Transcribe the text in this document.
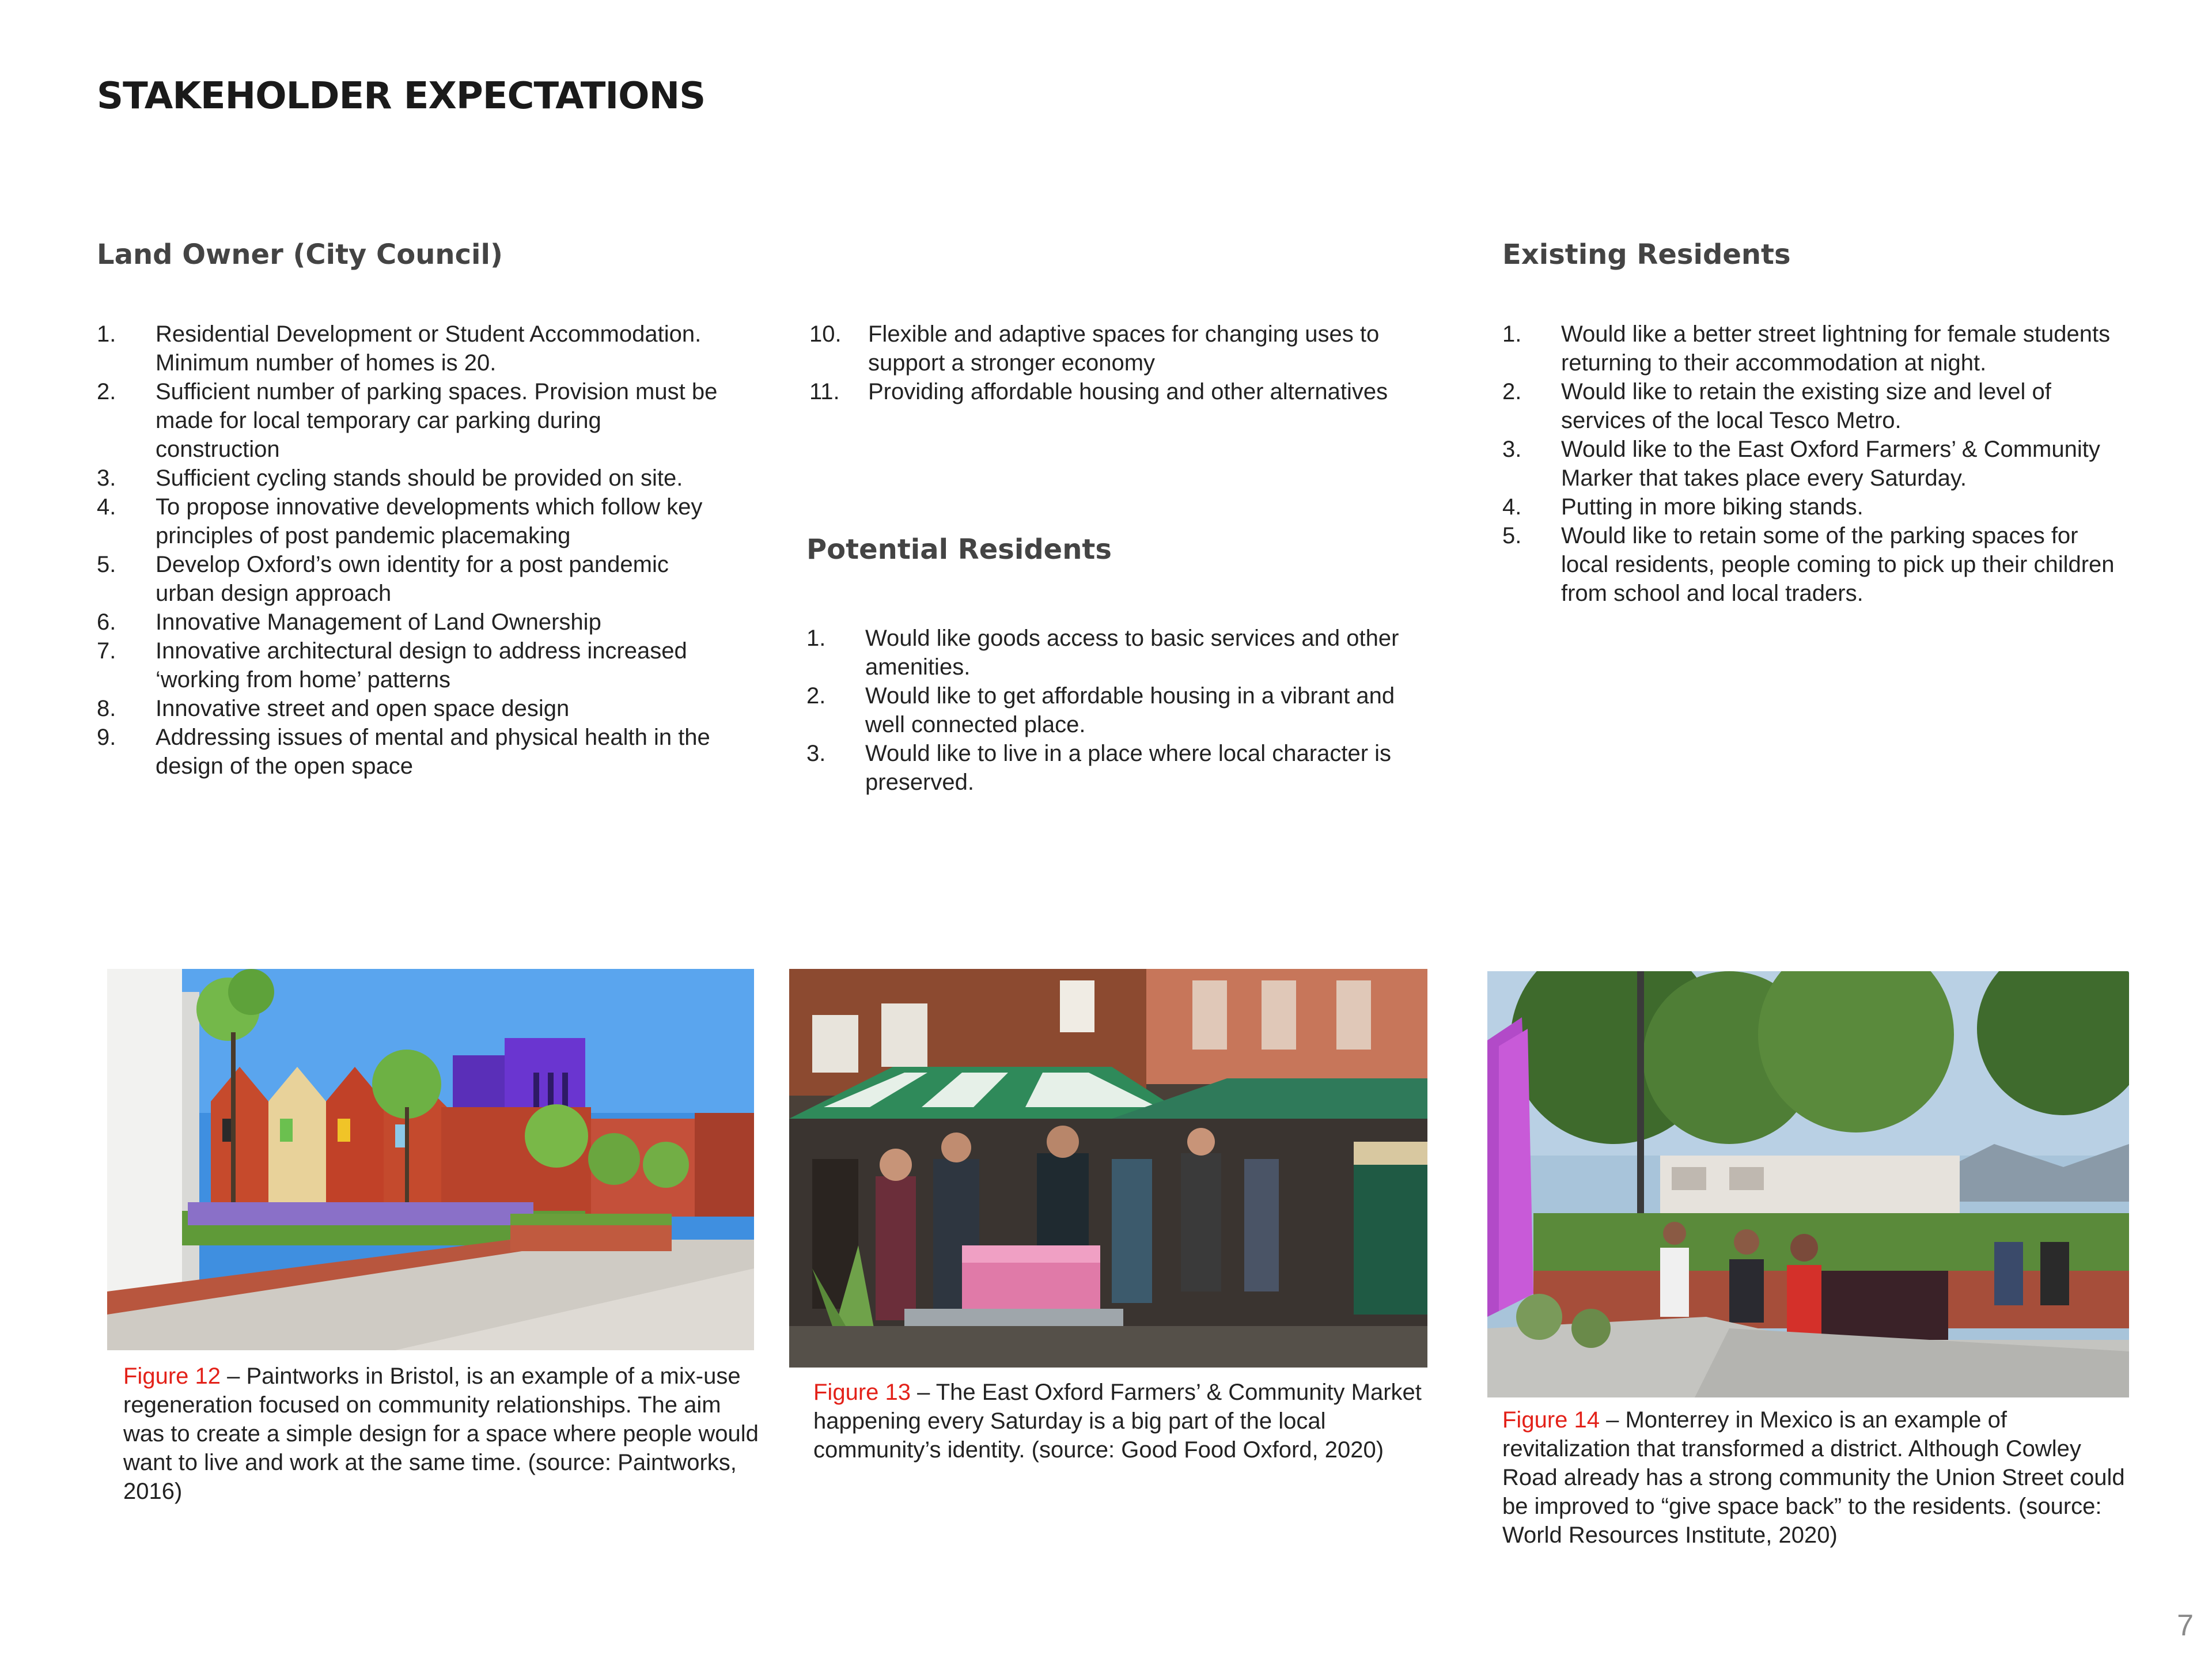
STAKEHOLDER EXPECTATIONS
Land Owner (City Council)
1. Residential Development or Student Accommodation. Minimum number of homes is 20.
2. Sufficient number of parking spaces. Provision must be made for local temporary car parking during construction
3. Sufficient cycling stands should be provided on site.
4. To propose innovative developments which follow key principles of post pandemic placemaking
5. Develop Oxford’s own identity for a post pandemic urban design approach
6. Innovative Management of Land Ownership
7. Innovative architectural design to address increased ‘working from home’ patterns
8. Innovative street and open space design
9. Addressing issues of mental and physical health in the design of the open space
10. Flexible and adaptive spaces for changing uses to support a stronger economy
11. Providing affordable housing and other alternatives
Potential Residents
1. Would like goods access to basic services and other amenities.
2. Would like to get affordable housing in a vibrant and well connected place.
3. Would like to live in a place where local character is preserved.
Existing Residents
1. Would like a better street lightning for female students returning to their accommodation at night.
2. Would like to retain the existing size and level of services of the local Tesco Metro.
3. Would like to the East Oxford Farmers’ & Community Marker that takes place every Saturday.
4. Putting in more biking stands.
5. Would like to retain some of the parking spaces for local residents, people coming to pick up their children from school and local traders.
Figure 12 – Paintworks in Bristol, is an example of a mix-use regeneration focused on community relationships. The aim was to create a simple design for a space where people would want to live and work at the same time. (source: Paintworks, 2016)
Figure 13 – The East Oxford Farmers’ & Community Market happening every Saturday is a big part of the local community’s identity. (source: Good Food Oxford, 2020)
Figure 14 – Monterrey in Mexico is an example of revitalization that transformed a district. Although Cowley Road already has a strong community the Union Street could be improved to “give space back” to the residents. (source: World Resources Institute, 2020)
7
